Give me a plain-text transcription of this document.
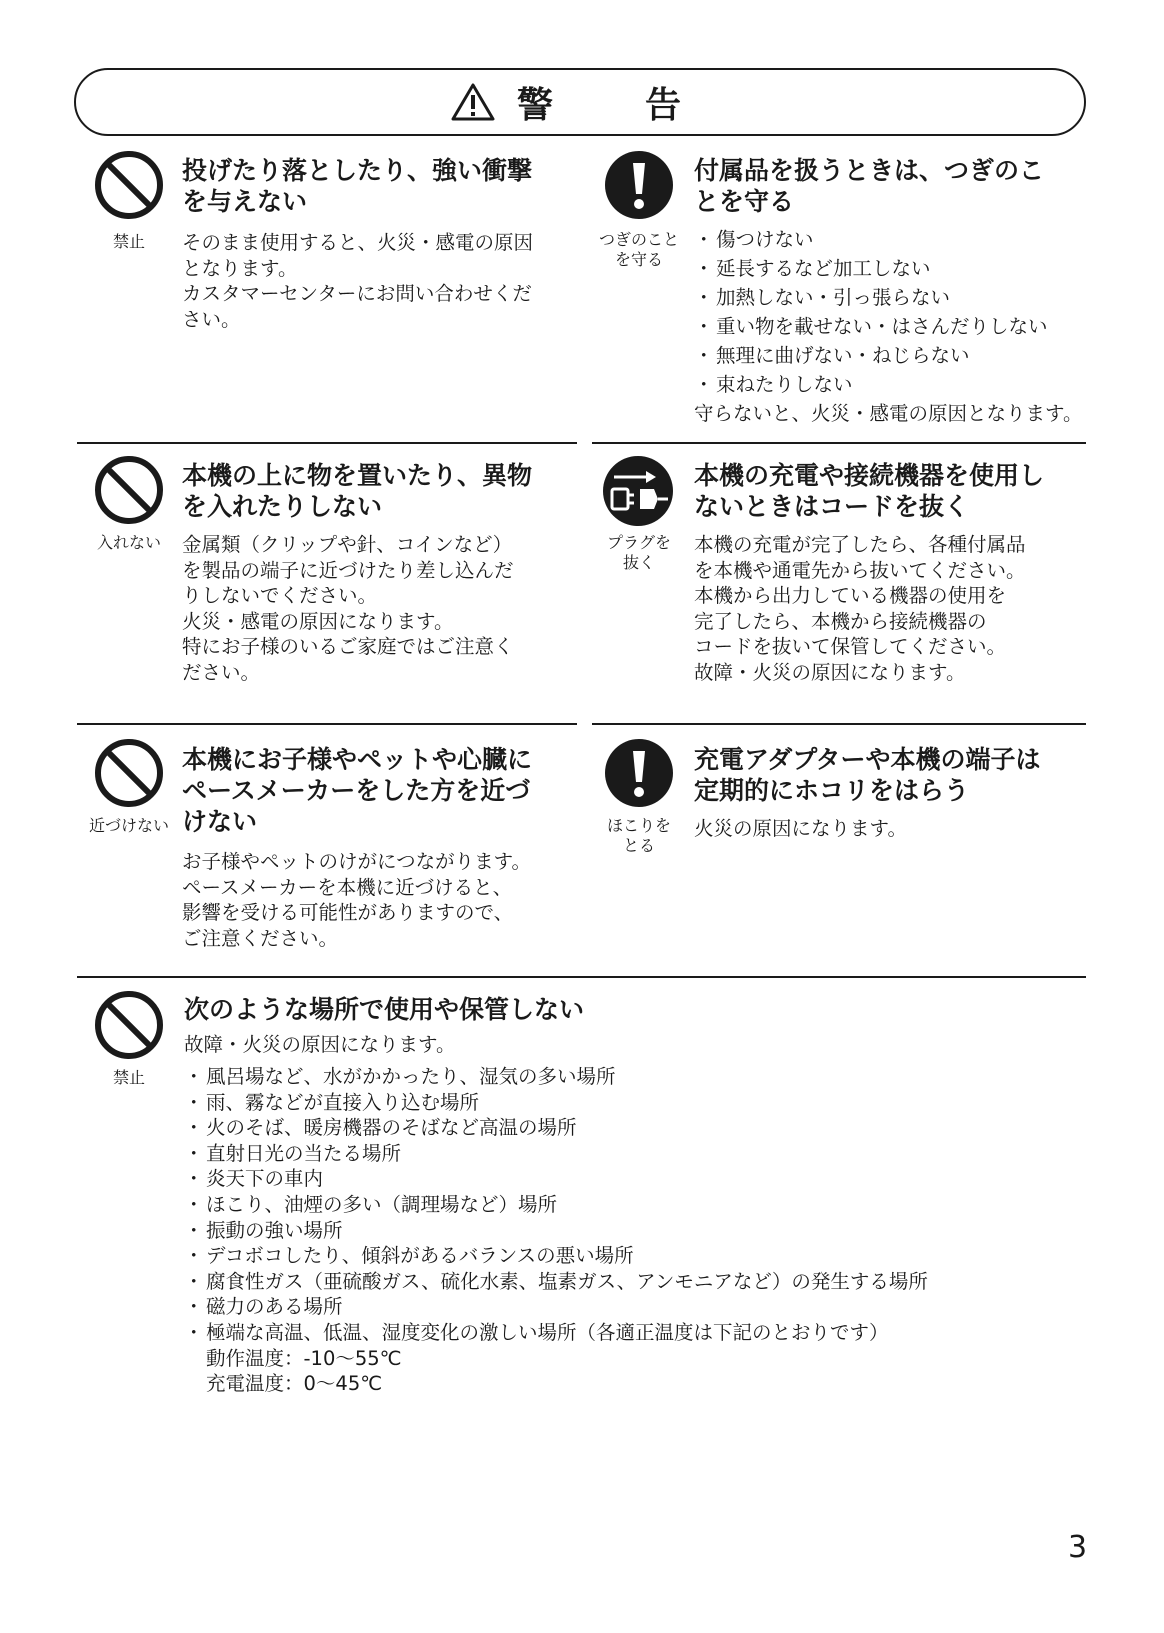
警　告
禁止
投げたり落としたり、強い衝撃
を与えない
そのまま使用すると、火災・感電の原因
となります。
カスタマーセンターにお問い合わせくだ
さい。
つぎのこと
を守る
付属品を扱うときは、つぎのこ
とを守る
・ 傷つけない
・ 延長するなど加工しない
・ 加熱しない・引っ張らない
・ 重い物を載せない・はさんだりしない
・ 無理に曲げない・ねじらない
・ 束ねたりしない
守らないと、火災・感電の原因となります。
入れない
本機の上に物を置いたり、異物
を入れたりしない
金属類（クリップや針、コインなど）
を製品の端子に近づけたり差し込んだ
りしないでください。
火災・感電の原因になります。
特にお子様のいるご家庭ではご注意く
ださい。
プラグを
抜く
本機の充電や接続機器を使用し
ないときはコードを抜く
本機の充電が完了したら、各種付属品
を本機や通電先から抜いてください。
本機から出力している機器の使用を
完了したら、本機から接続機器の
コードを抜いて保管してください。
故障・火災の原因になります。
近づけない
本機にお子様やペットや心臓に
ペースメーカーをした方を近づ
けない
お子様やペットのけがにつながります。
ペースメーカーを本機に近づけると、
影響を受ける可能性がありますので、
ご注意ください。
ほこりを
とる
充電アダプターや本機の端子は
定期的にホコリをはらう
火災の原因になります。
禁止
次のような場所で使用や保管しない
故障・火災の原因になります。
・ 風呂場など、水がかかったり、湿気の多い場所
・ 雨、霧などが直接入り込む場所
・ 火のそば、暖房機器のそばなど高温の場所
・ 直射日光の当たる場所
・ 炎天下の車内
・ ほこり、油煙の多い（調理場など）場所
・ 振動の強い場所
・ デコボコしたり、傾斜があるバランスの悪い場所
・ 腐食性ガス（亜硫酸ガス、硫化水素、塩素ガス、アンモニアなど）の発生する場所
・ 磁力のある場所
・ 極端な高温、低温、湿度変化の激しい場所（各適正温度は下記のとおりです）
動作温度：-10～55℃
充電温度：0～45℃
3
